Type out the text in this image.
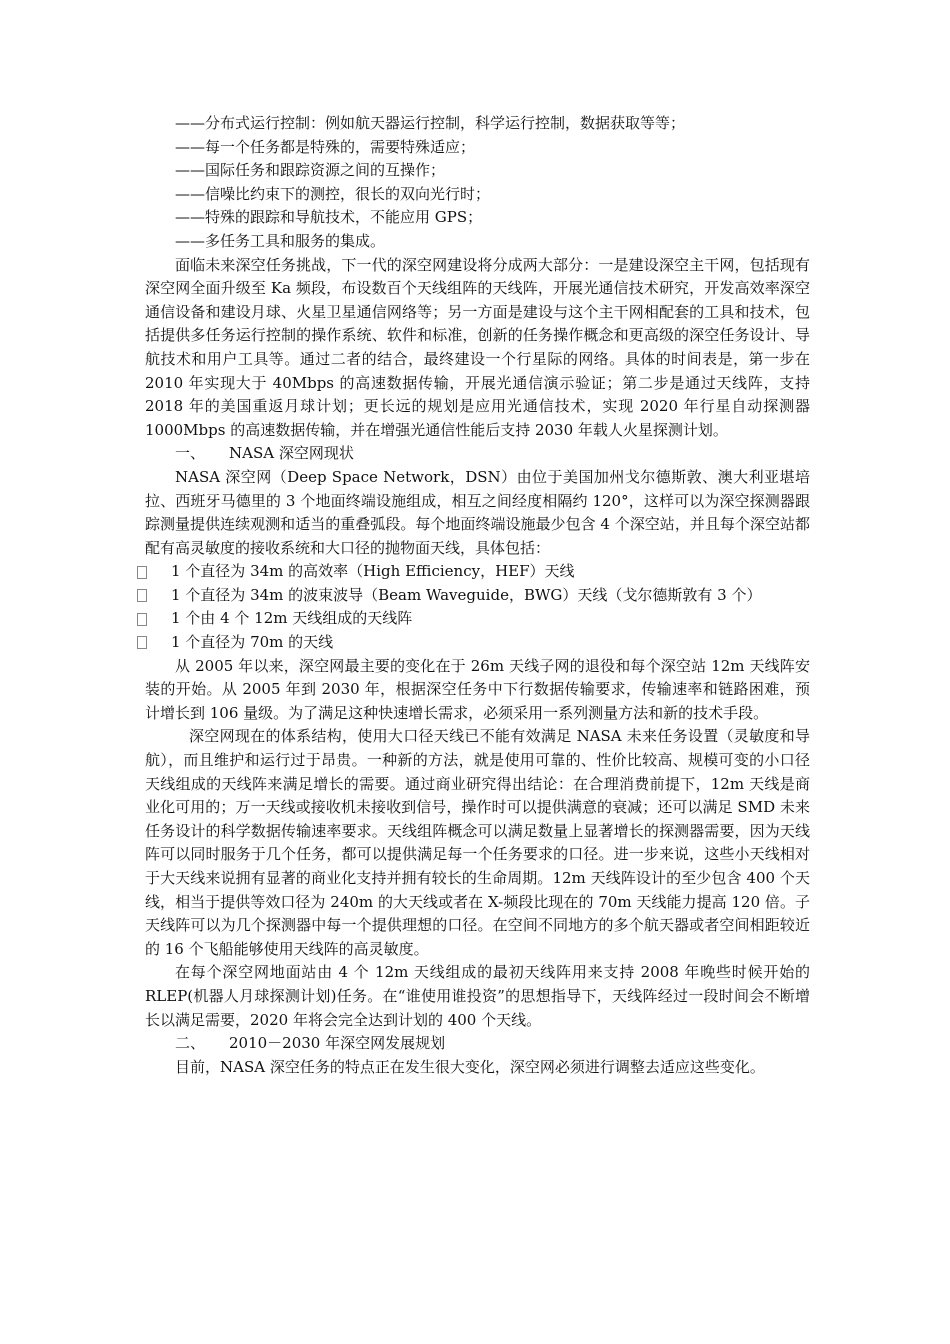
——分布式运行控制：例如航天器运行控制，科学运行控制，数据获取等等；

——每一个任务都是特殊的，需要特殊适应；

——国际任务和跟踪资源之间的互操作；

——信噪比约束下的测控，很长的双向光行时；

——特殊的跟踪和导航技术，不能应用 GPS；

——多任务工具和服务的集成。

面临未来深空任务挑战，下一代的深空网建设将分成两大部分：一是建设深空主干网，包括现有深空网全面升级至 Ka 频段，布设数百个天线组阵的天线阵，开展光通信技术研究，开发高效率深空通信设备和建设月球、火星卫星通信网络等；另一方面是建设与这个主干网相配套的工具和技术，包括提供多任务运行控制的操作系统、软件和标准，创新的任务操作概念和更高级的深空任务设计、导航技术和用户工具等。通过二者的结合，最终建设一个行星际的网络。具体的时间表是，第一步在 2010 年实现大于 40Mbps 的高速数据传输，开展光通信演示验证；第二步是通过天线阵，支持 2018 年的美国重返月球计划；更长远的规划是应用光通信技术，实现 2020 年行星自动探测器 1000Mbps 的高速数据传输，并在增强光通信性能后支持 2030 年载人火星探测计划。

一、 NASA 深空网现状

NASA 深空网（Deep Space Network，DSN）由位于美国加州戈尔德斯敦、澳大利亚堪培拉、西班牙马德里的 3 个地面终端设施组成，相互之间经度相隔约 120°，这样可以为深空探测器跟踪测量提供连续观测和适当的重叠弧段。每个地面终端设施最少包含 4 个深空站，并且每个深空站都配有高灵敏度的接收系统和大口径的抛物面天线，具体包括：

1 个直径为 34m 的高效率（High Efficiency，HEF）天线

1 个直径为 34m 的波束波导（Beam Waveguide，BWG）天线（戈尔德斯敦有 3 个）

1 个由 4 个 12m 天线组成的天线阵

1 个直径为 70m 的天线

从 2005 年以来，深空网最主要的变化在于 26m 天线子网的退役和每个深空站 12m 天线阵安装的开始。从 2005 年到 2030 年，根据深空任务中下行数据传输要求，传输速率和链路困难，预计增长到 106 量级。为了满足这种快速增长需求，必须采用一系列测量方法和新的技术手段。

深空网现在的体系结构，使用大口径天线已不能有效满足 NASA 未来任务设置（灵敏度和导航），而且维护和运行过于昂贵。一种新的方法，就是使用可靠的、性价比较高、规模可变的小口径天线组成的天线阵来满足增长的需要。通过商业研究得出结论：在合理消费前提下，12m 天线是商业化可用的；万一天线或接收机未接收到信号，操作时可以提供满意的衰减；还可以满足 SMD 未来任务设计的科学数据传输速率要求。天线组阵概念可以满足数量上显著增长的探测器需要，因为天线阵可以同时服务于几个任务，都可以提供满足每一个任务要求的口径。进一步来说，这些小天线相对于大天线来说拥有显著的商业化支持并拥有较长的生命周期。12m 天线阵设计的至少包含 400 个天线，相当于提供等效口径为 240m 的大天线或者在 X-频段比现在的 70m 天线能力提高 120 倍。子天线阵可以为几个探测器中每一个提供理想的口径。在空间不同地方的多个航天器或者空间相距较近的 16 个飞船能够使用天线阵的高灵敏度。

在每个深空网地面站由 4 个 12m 天线组成的最初天线阵用来支持 2008 年晚些时候开始的 RLEP(机器人月球探测计划)任务。在“谁使用谁投资”的思想指导下，天线阵经过一段时间会不断增长以满足需要，2020 年将会完全达到计划的 400 个天线。

二、 2010－2030 年深空网发展规划

目前，NASA 深空任务的特点正在发生很大变化，深空网必须进行调整去适应这些变化。
